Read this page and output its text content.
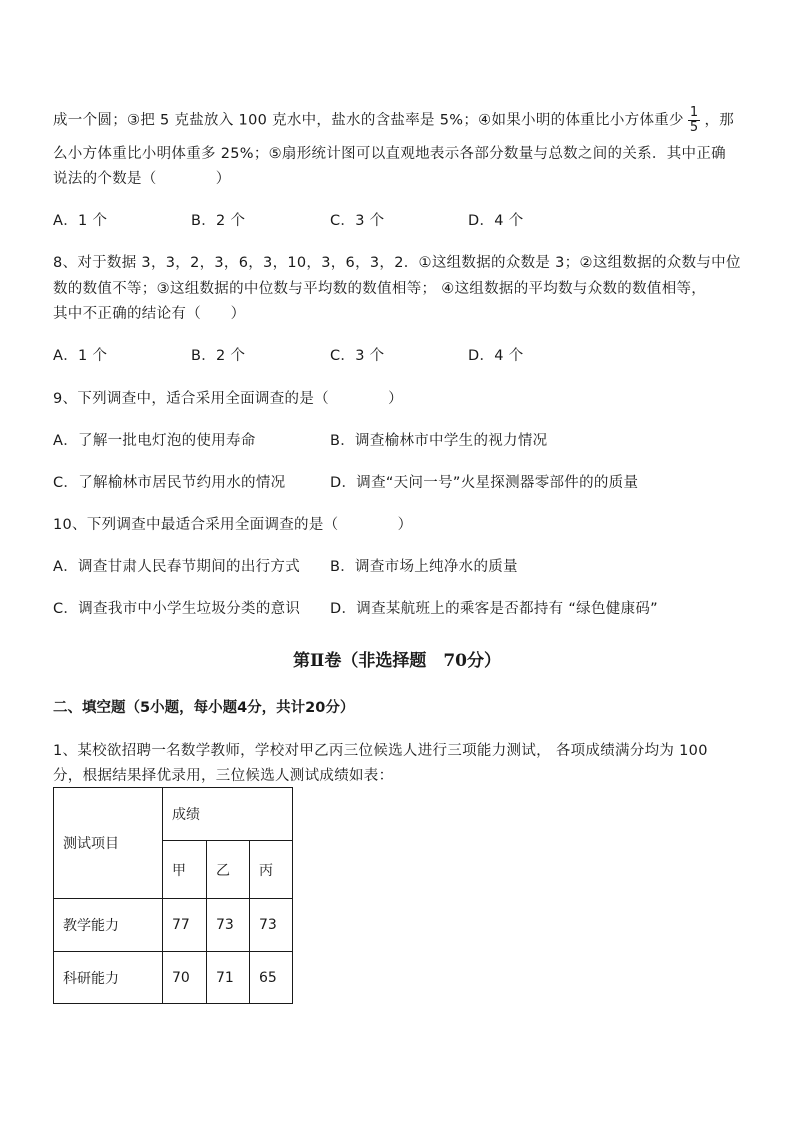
成一个圆；③把 5 克盐放入 100 克水中，盐水的含盐率是 5%；④如果小明的体重比小方体重少 $\frac{1}{5}$ ，那
么小方体重比小明体重多 25%；⑤扇形统计图可以直观地表示各部分数量与总数之间的关系．其中正确
说法的个数是（　　　　）
A．1 个	B．2 个	C．3 个	D．4 个
8、对于数据 3，3，2，3，6，3，10，3，6，3，2．①这组数据的众数是 3；②这组数据的众数与中位
数的数值不等；③这组数据的中位数与平均数的数值相等； ④这组数据的平均数与众数的数值相等，
其中不正确的结论有（　　）
A．1 个	B．2 个	C．3 个	D．4 个
9、下列调查中，适合采用全面调查的是（　　　　）
A．了解一批电灯泡的使用寿命	B．调查榆林市中学生的视力情况
C．了解榆林市居民节约用水的情况	D．调查“天问一号”火星探测器零部件的的质量
10、下列调查中最适合采用全面调查的是（　　　　）
A．调查甘肃人民春节期间的出行方式 B．调查市场上纯净水的质量
C．调查我市中小学生垃圾分类的意识 D．调查某航班上的乘客是否都持有 “绿色健康码”
第Ⅱ卷（非选择题　70分）
二、填空题（5小题，每小题4分，共计20分）
1、某校欲招聘一名数学教师，学校对甲乙丙三位候选人进行三项能力测试， 各项成绩满分均为 100
分，根据结果择优录用，三位候选人测试成绩如表：
测试项目	成绩		
	甲	乙	丙
教学能力	77	73	73
科研能力	70	71	65
